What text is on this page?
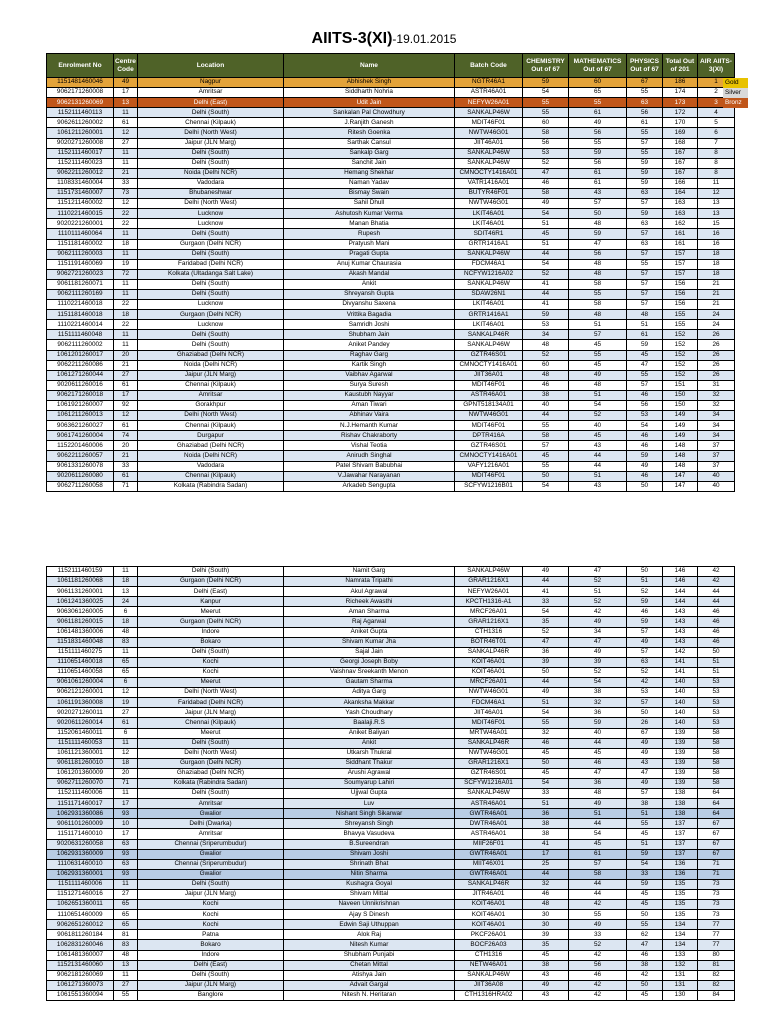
AIITS-3(XI)-19.01.2015
Enrolment No	Centre Code	Location	Name	Batch Code	CHEMISTRY Out of 67	MATHEMATICS Out of 67	PHYSICS Out of 67	Total Out of 201	AIR AIITS-3(XI)
1151481460046	49	Nagpur	Abhishek Singh	NGTR46A1	59	60	67	186	1
9062171260008	17	Amritsar	Siddharth Nohria	ASTR46A01	54	65	55	174	2
9062131260069	13	Delhi (East)	Udit Jain	NEFYW26A01	55	55	63	173	3
1152111460113	11	Delhi (South)	Sankalan Pal Chowdhury	SANKALP46W	55	61	56	172	4
9062611260002	61	Chennai (Kilpauk)	J.Ranjith Ganesh	MDIT46F01	60	49	61	170	5
1061211260001	12	Delhi (North West)	Ritesh Goenka	NWTW46G01	58	56	55	169	6
9020271260008	27	Jaipur (JLN Marg)	Sarthak Cansul	JIIT46A01	56	55	57	168	7
1152111460017	11	Delhi (South)	Sankalp Garg	SANKALP46W	53	59	55	167	8
1152111460023	11	Delhi (South)	Sanchit Jain	SANKALP46W	52	56	59	167	8
9062211260012	21	Noida (Delhi NCR)	Hemang Shekhar	CMNOCTY1416A01	47	61	59	167	8
1108331460004	33	Vadodara	Naman Yadav	VATR1416A01	46	61	59	166	11
1151731460007	73	Bhubaneshwar	Bismay Swain	BUTYR46F01	58	43	63	164	12
1151211460002	12	Delhi (North West)	Sahil Dhull	NWTW46G01	49	57	57	163	13
1110221460015	22	Lucknow	Ashutosh Kumar Verma	LKIT46A01	54	50	59	163	13
9020221260001	22	Lucknow	Manan Bhatia	LKIT46A01	51	48	63	162	15
1110111460064	11	Delhi (South)	Rupesh	SDIT46R1	45	59	57	161	16
1151181460002	18	Gurgaon (Delhi NCR)	Pratyush Mani	GRTR1416A1	51	47	63	161	16
9062111260003	11	Delhi (South)	Pragati Gupta	SANKALP46W	44	56	57	157	18
1151191460069	19	Faridabad (Delhi NCR)	Anuj Kumar Chaurasia	FDCM46A1	54	48	55	157	18
9062721260023	72	Kolkata (Ultadanga Salt Lake)	Akash Mandal	NCFYW1216A02	52	48	57	157	18
9061181260071	11	Delhi (South)	Ankit	SANKALP46W	41	58	57	156	21
9062111260169	11	Delhi (South)	Shreyansh Gupta	SDAW26N1	44	55	57	156	21
1110221460018	22	Lucknow	Divyanshu Saxena	LKIT46A01	41	58	57	156	21
1151181460018	18	Gurgaon (Delhi NCR)	Vrittika Bagadia	GRTR1416A1	59	48	48	155	24
1110221460014	22	Lucknow	Samridh Joshi	LKIT46A01	53	51	51	155	24
1151111460048	11	Delhi (South)	Shubham Jain	SANKALP46R	34	57	61	152	26
9062111260002	11	Delhi (South)	Aniket Pandey	SANKALP46W	48	45	59	152	26
1061201260017	20	Ghaziabad (Delhi NCR)	Raghav Garg	GZTR46S01	52	55	45	152	26
9062211260086	21	Noida (Delhi NCR)	Kartik Singh	CMNOCTY1416A01	60	45	47	152	26
1061271260044	27	Jaipur (JLN Marg)	Vaibhav Agarwal	JIIT36A01	48	49	55	152	26
9020611260016	61	Chennai (Kilpauk)	Surya Suresh	MDIT46F01	46	48	57	151	31
9062171260018	17	Amritsar	Kaustubh Nayyar	ASTR46A01	38	51	46	150	32
1061921260007	92	Gorakhpur	Aman Tiwari	GPNT518134A01	40	54	56	150	32
1061211260013	12	Delhi (North West)	Abhinav Vaira	NWTW46G01	44	52	53	149	34
9063621260027	61	Chennai (Kilpauk)	N.J.Hemanth Kumar	MDIT46F01	55	40	54	149	34
9061741260004	74	Durgapur	Rishav Chakraborty	DPTR416A	58	45	46	149	34
1152201460006	20	Ghaziabad (Delhi NCR)	Vishal Teotia	GZTR46S01	57	43	46	148	37
9062211260057	21	Noida (Delhi NCR)	Anirudh Singhal	CMNOCTY1416A01	45	44	59	148	37
9061331260078	33	Vadodara	Patel Shivam Babubhai	VAFY1216A01	55	44	49	148	37
9020611260080	61	Chennai (Kilpauk)	V.Jawahar Narayanan	MDIT46F01	50	51	46	147	40
9062711260058	71	Kolkata (Rabindra Sadan)	Arkadeb Sengupta	SCFYW1216B01	54	43	50	147	40
1152111460159	11	Delhi (South)	Namit Garg	SANKALP46W	49	47	50	146	42
1061181260068	18	Gurgaon (Delhi NCR)	Namrata Tripathi	GRAR1216X1	44	52	51	146	42
9061131260001	13	Delhi (East)	Akul Agrawal	NEFYW26A01	41	51	52	144	44
1061241360025	24	Kanpur	Richeek Awasthi	KPCTH1316-A1	33	52	59	144	44
9063061260005	6	Meerut	Aman Sharma	MRCF26A01	54	42	46	143	46
9061181260015	18	Gurgaon (Delhi NCR)	Raj Agarwal	GRAR1216X1	35	49	59	143	46
1061481360006	48	Indore	Aniket Gupta	CTH1316	52	34	57	143	46
1151831460048	83	Bokaro	Shivam Kumar Jha	BOTR46T01	47	47	49	143	46
1151111460275	11	Delhi (South)	Sajal Jain	SANKALP46R	36	49	57	142	50
1110651460018	65	Kochi	Georgi Joseph Boby	KOIT46A01	39	39	63	141	51
1110651460058	65	Kochi	Vaishnav Sreekanth Menon	KOIT46A01	50	52	52	141	51
9061061260004	6	Meerut	Gautam Sharma	MRCF26A01	44	54	42	140	53
9062121260001	12	Delhi (North West)	Aditya Garg	NWTW46G01	49	38	53	140	53
1061191360008	19	Faridabad (Delhi NCR)	Akanksha Makkar	FDCM46A1	51	32	57	140	53
9020271260011	27	Jaipur (JLN Marg)	Yash Choudhary	JIIT46A01	54	36	50	140	53
9020611260014	61	Chennai (Kilpauk)	Baalaji.R.S	MDIT46F01	55	59	26	140	53
1152061460011	6	Meerut	Aniket Baliyan	MRTW46A01	32	40	67	139	58
1151111460053	11	Delhi (South)	Ankit	SANKALP46R	46	44	49	139	58
1061121360001	12	Delhi (North West)	Utkarsh Thukral	NWTW46G01	45	45	49	139	58
9061181260010	18	Gurgaon (Delhi NCR)	Siddhant Thakur	GRAR1216X1	50	46	43	139	58
1061201360009	20	Ghaziabad (Delhi NCR)	Arushi Agrawal	GZTR46S01	45	47	47	139	58
9062711260070	71	Kolkata (Rabindra Sadan)	Soumyarup Lahiri	SCFYW1216A01	54	36	49	139	58
1152111460006	11	Delhi (South)	Ujjwal Gupta	SANKALP46W	33	48	57	138	64
1151171460017	17	Amritsar	Luv	ASTR46A01	51	49	38	138	64
1062931360086	93	Gwalior	Nishant Singh Sikarwar	GWTR46A01	36	51	51	138	64
9061101260009	10	Delhi (Dwarka)	Shreyansh Singh	DWTR46A01	38	44	55	137	67
1151171460010	17	Amritsar	Bhavya Vasudeva	ASTR46A01	38	54	45	137	67
9020631260058	63	Chennai (Sriperumbudur)	B.Sureendran	MIIF26F01	41	45	51	137	67
1062931360009	93	Gwalior	Shivam Joshi	GWTR46A01	17	61	59	137	67
1110631460010	63	Chennai (Sriperumbudur)	Shrinath Bhat	MIIT46X01	25	57	54	136	71
1062931360001	93	Gwalior	Nitin Sharma	GWTR46A01	44	58	33	136	71
1151111460006	11	Delhi (South)	Kushagra Goyal	SANKALP46R	32	44	59	135	73
1151271460016	27	Jaipur (JLN Marg)	Shivam Mittal	JITR46A01	46	44	45	135	73
1062651360011	65	Kochi	Naveen Unnikrishnan	KOIT46A01	48	42	45	135	73
1110651460009	65	Kochi	Ajay S Dinesh	KOIT46A01	30	55	50	135	73
9062651260012	65	Kochi	Edwin Saji Uthuppan	KOIT46A01	30	49	55	134	77
9061811260184	81	Patna	Alok Raj	PKCF26A01	39	33	62	134	77
1062831260046	83	Bokaro	Nitesh Kumar	BOCF26A03	35	52	47	134	77
1061481360007	48	Indore	Shubham Punjabi	CTH1316	45	42	46	133	80
1152131460060	13	Delhi (East)	Chetan Mittal	NETW46A01	38	56	38	132	81
9062181260069	11	Delhi (South)	Atishya Jain	SANKALP46W	43	46	42	131	82
1061271360073	27	Jaipur (JLN Marg)	Advait Gargal	JIIT36A08	49	42	50	131	82
1061551360094	55	Banglore	Nitesh N. Heritaran	CTH1316HRA02	43	42	45	130	84
Gold
Silver
Bronz
